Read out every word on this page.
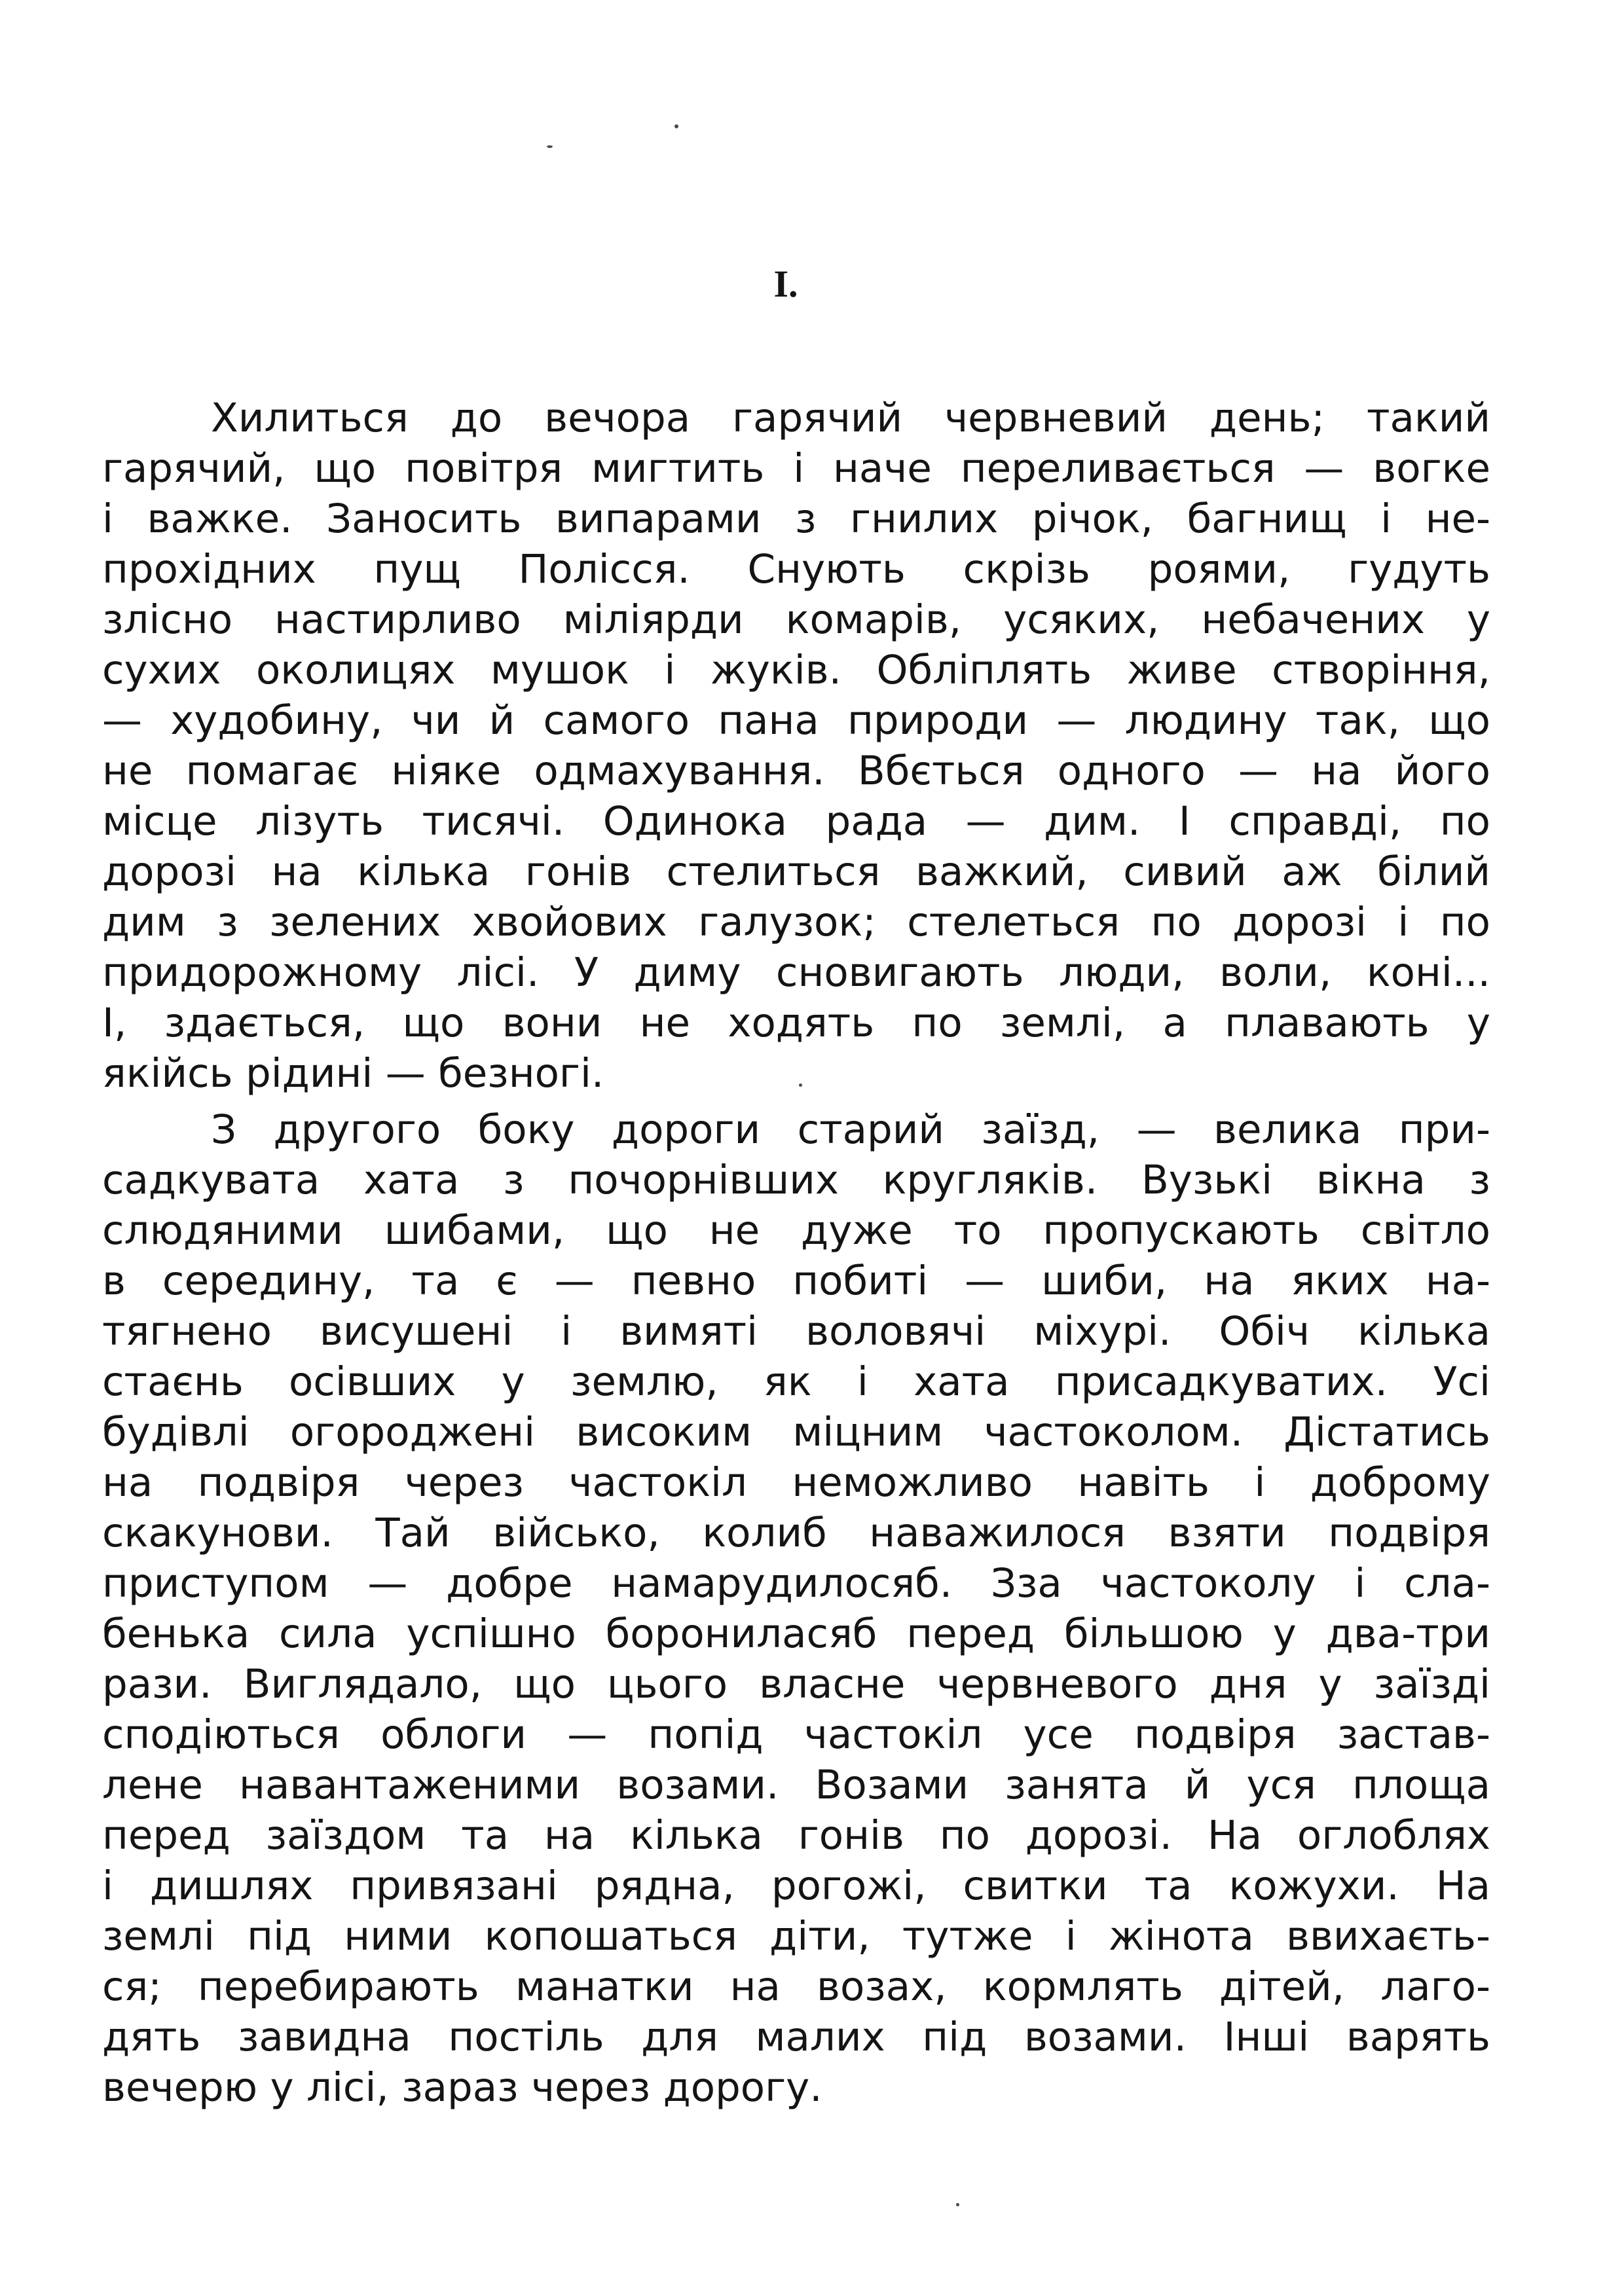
I.
Хилиться до вечора гарячий червневий день; такий
гарячий, що повітря мигтить і наче переливається — вогке
і важке. Заносить випарами з гнилих річок, багнищ і не-
прохідних пущ Полісся. Снують скрізь роями, гудуть
злісно настирливо міліярди комарів, усяких, небачених у
сухих околицях мушок і жуків. Обліплять живе створіння,
— худобину, чи й самого пана природи — людину так, що
не помагає ніяке одмахування. Вбється одного — на його
місце лізуть тисячі. Одинока рада — дим. І справді, по
дорозі на кілька гонів стелиться важкий, сивий аж білий
дим з зелених хвойових галузок; стелеться по дорозі і по
придорожному лісі. У диму сновигають люди, воли, коні...
І, здається, що вони не ходять по землі, а плавають у
якійсь рідині — безногі.
З другого боку дороги старий заїзд, — велика при-
садкувата хата з почорнівших кругляків. Вузькі вікна з
слюдяними шибами, що не дуже то пропускають світло
в середину, та є — певно побиті — шиби, на яких на-
тягнено висушені і вимяті воловячі міхурі. Обіч кілька
стаєнь осівших у землю, як і хата присадкуватих. Усі
будівлі огороджені високим міцним частоколом. Дістатись
на подвіря через частокіл неможливо навіть і доброму
скакунови. Тай військо, колиб наважилося взяти подвіря
приступом — добре намарудилосяб. Зза частоколу і сла-
бенька сила успішно борониласяб перед більшою у два-три
рази. Виглядало, що цього власне червневого дня у заїзді
сподіються облоги — попід частокіл усе подвіря застав-
лене навантаженими возами. Возами занята й уся площа
перед заїздом та на кілька гонів по дорозі. На оглоблях
і дишлях привязані рядна, рогожі, свитки та кожухи. На
землі під ними копошаться діти, тутже і жінота ввихаєть-
ся; перебирають манатки на возах, кормлять дітей, лаго-
дять завидна постіль для малих під возами. Інші варять
вечерю у лісі, зараз через дорогу.
